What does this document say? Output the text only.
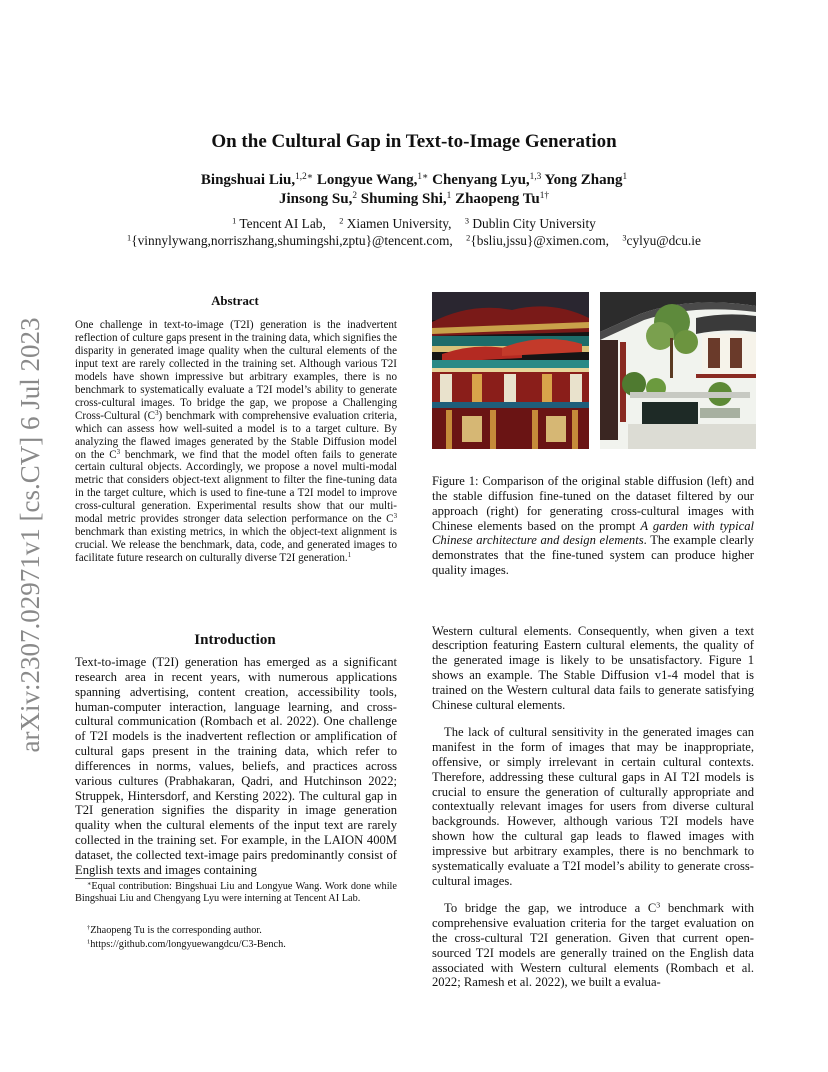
arXiv:2307.02971v1 [cs.CV] 6 Jul 2023
On the Cultural Gap in Text-to-Image Generation
Bingshuai Liu,$^{1,2∗}$ Longyue Wang,$^{1∗}$ Chenyang Lyu,$^{1,3}$ Yong Zhang$^1$
Jinsong Su,$^2$ Shuming Shi,$^1$ Zhaopeng $Tu^{1\dagger}$
$^1$ Tencent AI Lab,    $^2$ Xiamen University,    $^3$ Dublin City University
$^1${vinnylywang,norriszhang,shumingshi,zptu}@tencent.com,    $^2${bsliu,jssu}@ximen.com,    $^3$cylyu@dcu.ie
Abstract
One challenge in text-to-image (T2I) generation is the inadvertent reflection of culture gaps present in the training data, which signifies the disparity in generated image quality when the cultural elements of the input text are rarely collected in the training set. Although various T2I models have shown impressive but arbitrary examples, there is no benchmark to systematically evaluate a T2I model’s ability to generate cross-cultural images. To bridge the gap, we propose a Challenging Cross-Cultural $(C^3)$ benchmark with comprehensive evaluation criteria, which can assess how well-suited a model is to a target culture. By analyzing the flawed images generated by the Stable Diffusion model on the $C^3$ benchmark, we find that the model often fails to generate certain cultural objects. Accordingly, we propose a novel multi-modal metric that considers object-text alignment to filter the fine-tuning data in the target culture, which is used to fine-tune a T2I model to improve cross-cultural generation. Experimental results show that our multi-modal metric provides stronger data selection performance on the $C^3$ benchmark than existing metrics, in which the object-text alignment is crucial. We release the benchmark, data, code, and generated images to facilitate future research on culturally diverse T2I generation.$^1$
Introduction
Text-to-image (T2I) generation has emerged as a significant research area in recent years, with numerous applications spanning advertising, content creation, accessibility tools, human-computer interaction, language learning, and cross-cultural communication (Rombach et al. 2022). One challenge of T2I models is the inadvertent reflection or amplification of cultural gaps present in the training data, which refer to differences in norms, values, beliefs, and practices across various cultures (Prabhakaran, Qadri, and Hutchinson 2022; Struppek, Hintersdorf, and Kersting 2022). The cultural gap in T2I generation signifies the disparity in image generation quality when the cultural elements of the input text are rarely collected in the training set. For example, in the LAION 400M dataset, the collected text-image pairs predominantly consist of English texts and images containing
∗Equal contribution: Bingshuai Liu and Longyue Wang. Work done while Bingshuai Liu and Chengyang Lyu were interning at Tencent AI Lab.
†Zhaopeng Tu is the corresponding author.
$^1$https://github.com/longyuewangdcu/C3-Bench.
Figure 1: Comparison of the original stable diffusion (left) and the stable diffusion fine-tuned on the dataset filtered by our approach (right) for generating cross-cultural images with Chinese elements based on the prompt A garden with typical Chinese architecture and design elements. The example clearly demonstrates that the fine-tuned system can produce higher quality images.

Western cultural elements. Consequently, when given a text description featuring Eastern cultural elements, the quality of the generated image is likely to be unsatisfactory. Figure 1 shows an example. The Stable Diffusion v1-4 model that is trained on the Western cultural data fails to generate satisfying Chinese cultural elements.

The lack of cultural sensitivity in the generated images can manifest in the form of images that may be inappropriate, offensive, or simply irrelevant in certain cultural contexts. Therefore, addressing these cultural gaps in AI T2I models is crucial to ensure the generation of culturally appropriate and contextually relevant images for users from diverse cultural backgrounds. However, although various T2I models have shown how the cultural gap leads to flawed images with impressive but arbitrary examples, there is no benchmark to systematically evaluate a T2I model’s ability to generate cross-cultural images.

To bridge the gap, we introduce a $C^3$ benchmark with comprehensive evaluation criteria for the target evaluation on the cross-cultural T2I generation. Given that current open-sourced T2I models are generally trained on the English data associated with Western cultural elements (Rombach et al. 2022; Ramesh et al. 2022), we built a evalua-
